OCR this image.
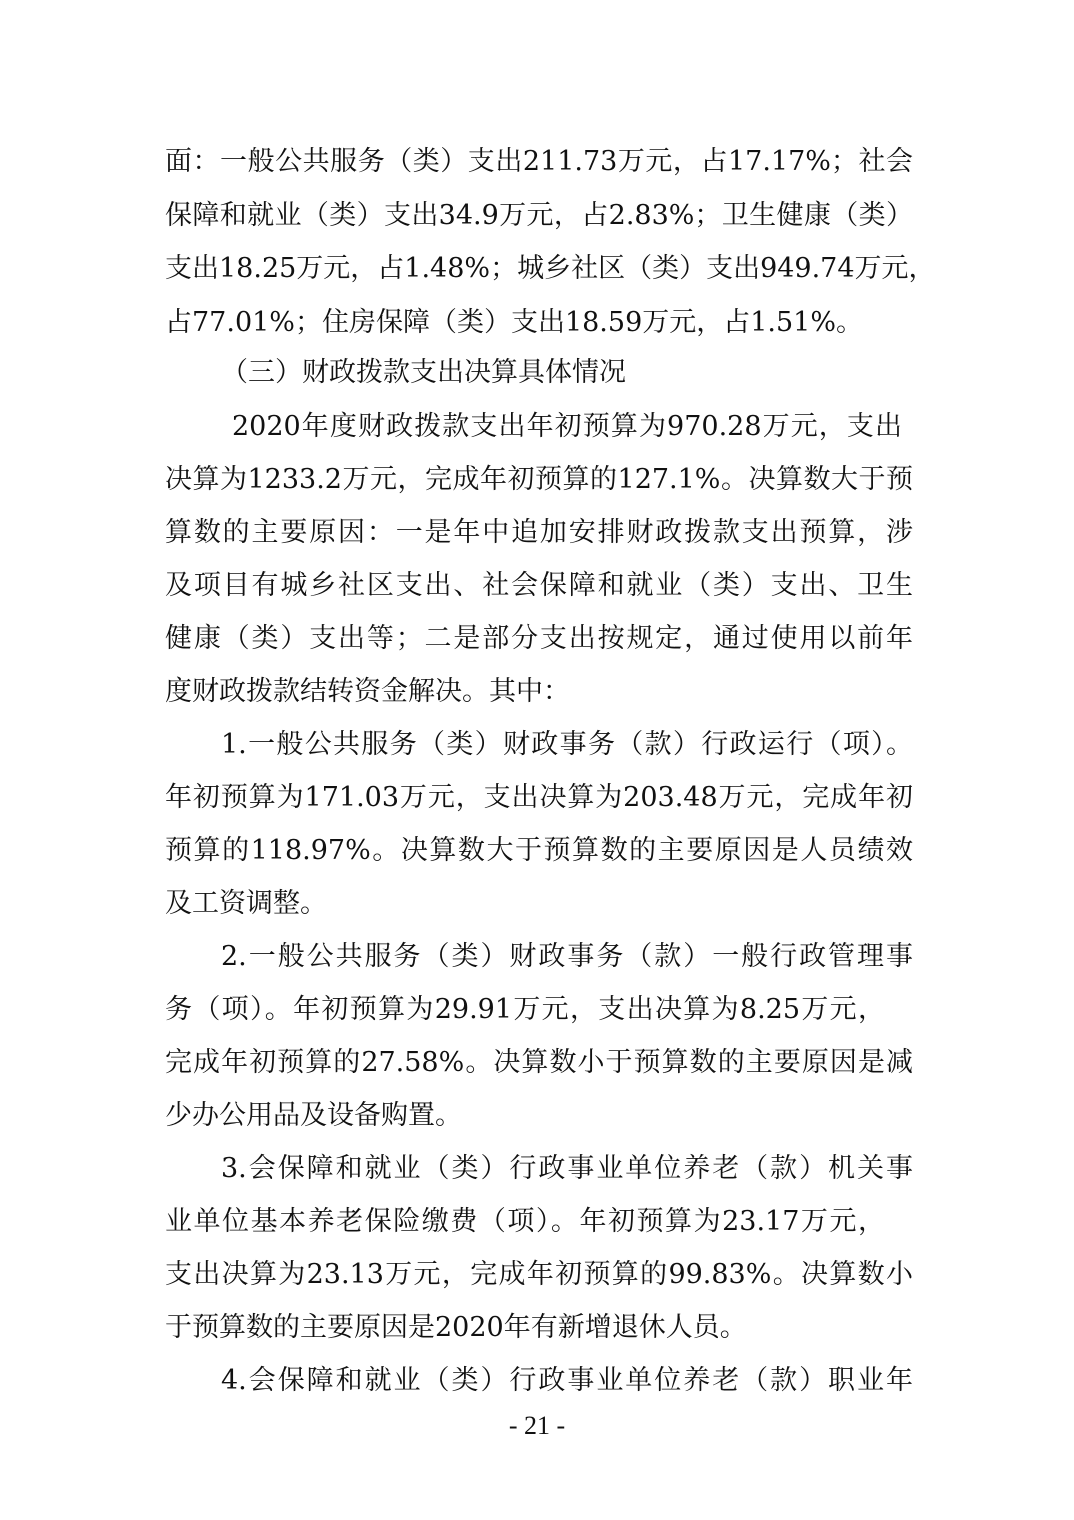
面：一般公共服务（类）支出211.73万元，占17.17%；社会
保障和就业（类）支出34.9万元，占2.83%；卫生健康（类）
支出18.25万元，占1.48%；城乡社区（类）支出949.74万元，
占77.01%；住房保障（类）支出18.59万元，占1.51%。
（三）财政拨款支出决算具体情况
2020年度财政拨款支出年初预算为970.28万元，支出
决算为1233.2万元，完成年初预算的127.1%。决算数大于预
算数的主要原因：一是年中追加安排财政拨款支出预算，涉
及项目有城乡社区支出、社会保障和就业（类）支出、卫生
健康（类）支出等；二是部分支出按规定，通过使用以前年
度财政拨款结转资金解决。其中：
1.一般公共服务（类）财政事务（款）行政运行（项）。
年初预算为171.03万元，支出决算为203.48万元，完成年初
预算的118.97%。决算数大于预算数的主要原因是人员绩效
及工资调整。
2.一般公共服务（类）财政事务（款）一般行政管理事
务（项）。年初预算为29.91万元，支出决算为8.25万元，
完成年初预算的27.58%。决算数小于预算数的主要原因是减
少办公用品及设备购置。
3.会保障和就业（类）行政事业单位养老（款）机关事
业单位基本养老保险缴费（项）。年初预算为23.17万元，
支出决算为23.13万元，完成年初预算的99.83%。决算数小
于预算数的主要原因是2020年有新增退休人员。
4.会保障和就业（类）行政事业单位养老（款）职业年
- 21 -
